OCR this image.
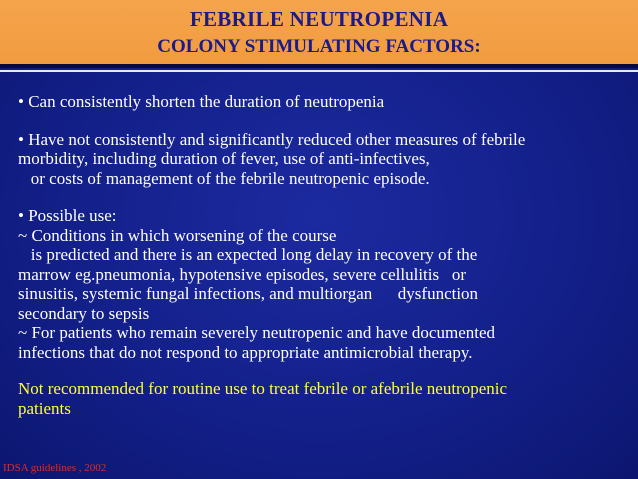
FEBRILE NEUTROPENIA
COLONY STIMULATING FACTORS:
• Can consistently shorten the duration of neutropenia
• Have not consistently and significantly reduced other measures of febrile
morbidity, including duration of fever, use of anti-infectives,
or costs of management of the febrile neutropenic episode.
• Possible use:
~ Conditions in which worsening of the course
is predicted and there is an expected long delay in recovery of the
marrow eg.pneumonia, hypotensive episodes, severe cellulitis   or
sinusitis, systemic fungal infections, and multiorgan      dysfunction
secondary to sepsis
~ For patients who remain severely neutropenic and have documented
infections that do not respond to appropriate antimicrobial therapy.
Not recommended for routine use to treat febrile or afebrile neutropenic
patients
IDSA guidelines , 2002
